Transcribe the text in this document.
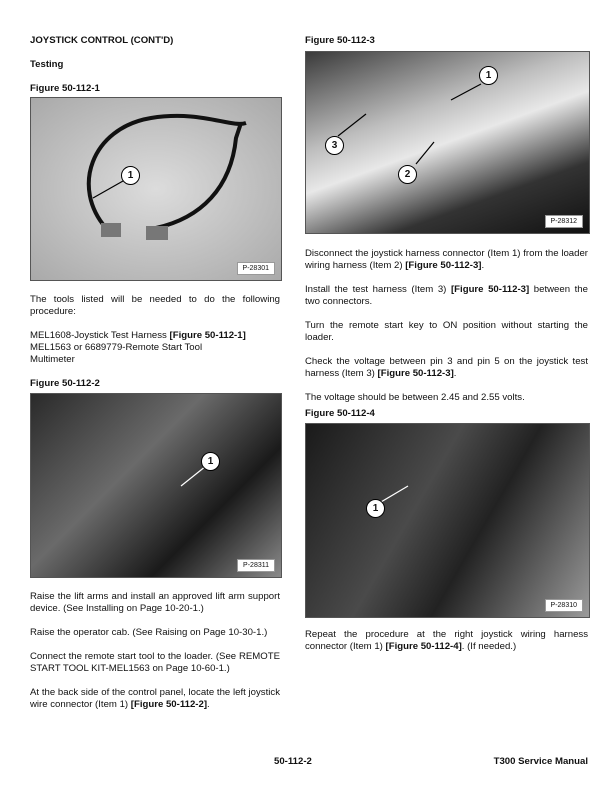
JOYSTICK CONTROL (CONT'D)
Testing
Figure 50-112-1
1
P-28301

The tools listed will be needed to do the following procedure:

MEL1608-Joystick Test Harness [Figure 50-112-1]
MEL1563 or 6689779-Remote Start Tool
Multimeter
Figure 50-112-2
1
P-28311

Raise the lift arms and install an approved lift arm support device. (See Installing on Page 10-20-1.)

Raise the operator cab. (See Raising on Page 10-30-1.)

Connect the remote start tool to the loader. (See REMOTE START TOOL KIT-MEL1563 on Page 10-60-1.)

At the back side of the control panel, locate the left joystick wire connector (Item 1) [Figure 50-112-2].

Figure 50-112-3
1
3
2
P-28312

Disconnect the joystick harness connector (Item 1) from the loader wiring harness (Item 2) [Figure 50-112-3].

Install the test harness (Item 3) [Figure 50-112-3] between the two connectors.

Turn the remote start key to ON position without starting the loader.

Check the voltage between pin 3 and pin 5 on the joystick test harness (Item 3) [Figure 50-112-3].

The voltage should be between 2.45 and 2.55 volts.

Figure 50-112-4
1
P-28310

Repeat the procedure at the right joystick wiring harness connector (Item 1) [Figure 50-112-4]. (If needed.)

50-112-2	T300 Service Manual
